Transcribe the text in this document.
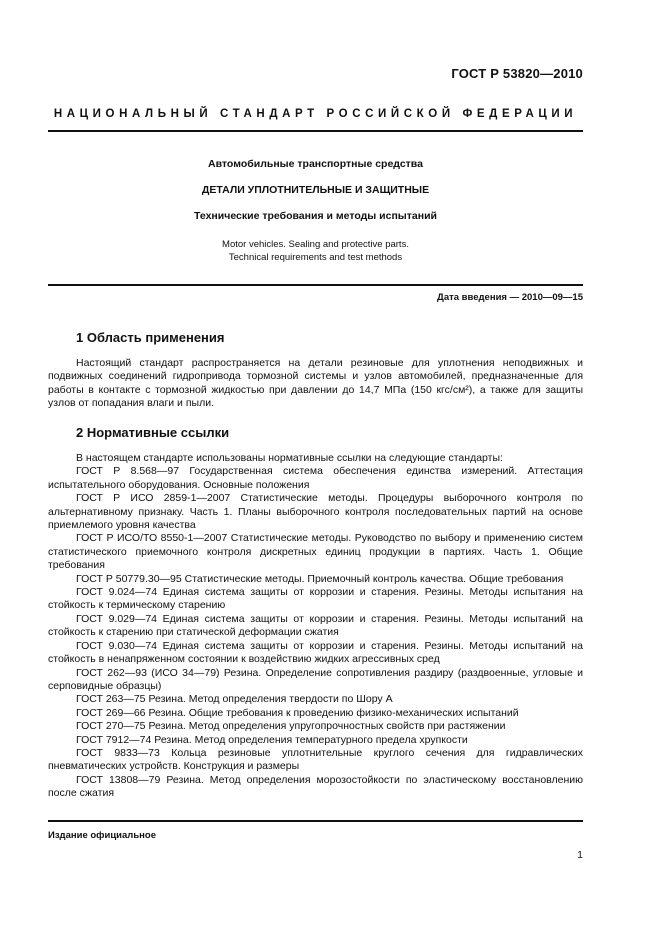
ГОСТ Р 53820—2010
НАЦИОНАЛЬНЫЙ СТАНДАРТ РОССИЙСКОЙ ФЕДЕРАЦИИ
Автомобильные транспортные средства
ДЕТАЛИ УПЛОТНИТЕЛЬНЫЕ И ЗАЩИТНЫЕ
Технические требования и методы испытаний
Motor vehicles. Sealing and protective parts.
Technical requirements and test methods
Дата введения — 2010—09—15
1 Область применения

Настоящий стандарт распространяется на детали резиновые для уплотнения неподвижных и подвижных соединений гидропривода тормозной системы и узлов автомобилей, предназначенные для работы в контакте с тормозной жидкостью при давлении до 14,7 МПа (150 кгс/см²), а также для защиты узлов от попадания влаги и пыли.

2 Нормативные ссылки

В настоящем стандарте использованы нормативные ссылки на следующие стандарты:

ГОСТ Р 8.568—97 Государственная система обеспечения единства измерений. Аттестация испытательного оборудования. Основные положения

ГОСТ Р ИСО 2859-1—2007 Статистические методы. Процедуры выборочного контроля по альтернативному признаку. Часть 1. Планы выборочного контроля последовательных партий на основе приемлемого уровня качества

ГОСТ Р ИСО/ТО 8550-1—2007 Статистические методы. Руководство по выбору и применению систем статистического приемочного контроля дискретных единиц продукции в партиях. Часть 1. Общие требования

ГОСТ Р 50779.30—95 Статистические методы. Приемочный контроль качества. Общие требования

ГОСТ 9.024—74 Единая система защиты от коррозии и старения. Резины. Методы испытания на стойкость к термическому старению

ГОСТ 9.029—74 Единая система защиты от коррозии и старения. Резины. Методы испытаний на стойкость к старению при статической деформации сжатия

ГОСТ 9.030—74 Единая система защиты от коррозии и старения. Резины. Методы испытаний на стойкость в ненапряженном состоянии к воздействию жидких агрессивных сред

ГОСТ 262—93 (ИСО 34—79) Резина. Определение сопротивления раздиру (раздвоенные, угловые и серповидные образцы)

ГОСТ 263—75 Резина. Метод определения твердости по Шору А

ГОСТ 269—66 Резина. Общие требования к проведению физико-механических испытаний

ГОСТ 270—75 Резина. Метод определения упругопрочностных свойств при растяжении

ГОСТ 7912—74 Резина. Метод определения температурного предела хрупкости

ГОСТ 9833—73 Кольца резиновые уплотнительные круглого сечения для гидравлических пневматических устройств. Конструкция и размеры

ГОСТ 13808—79 Резина. Метод определения морозостойкости по эластическому восстановлению после сжатия

Издание официальное
1
